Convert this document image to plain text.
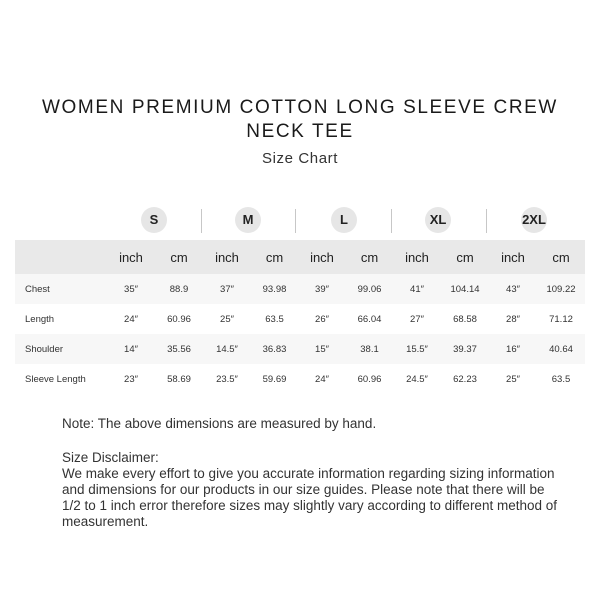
WOMEN PREMIUM COTTON LONG SLEEVE CREW
NECK TEE
Size Chart
S	M	L	XL	2XL
	inch	cm	inch	cm	inch	cm	inch	cm	inch	cm
Chest	35″	88.9	37″	93.98	39″	99.06	41″	104.14	43″	109.22
Length	24″	60.96	25″	63.5	26″	66.04	27″	68.58	28″	71.12
Shoulder	14″	35.56	14.5″	36.83	15″	38.1	15.5″	39.37	16″	40.64
Sleeve Length	23″	58.69	23.5″	59.69	24″	60.96	24.5″	62.23	25″	63.5
Note: The above dimensions are measured by hand.
Size Disclaimer:
We make every effort to give you accurate information regarding sizing information and dimensions for our products in our size guides. Please note that there will be 1/2 to 1 inch error therefore sizes may slightly vary according to different method of measurement.
